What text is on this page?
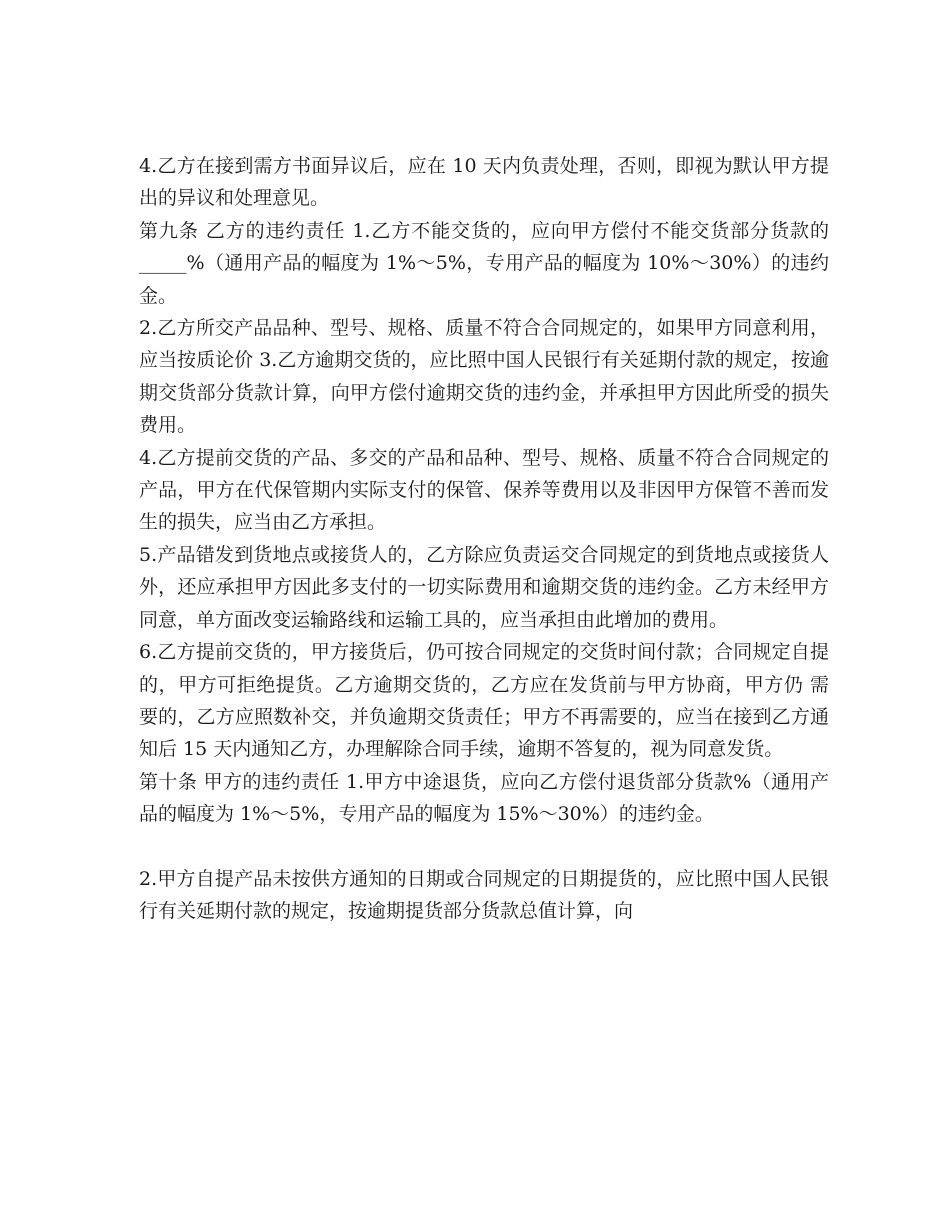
4.乙方在接到需方书面异议后，应在 10 天内负责处理，否则，即视为默认甲方提出的异议和处理意见。

第九条 乙方的违约责任 1.乙方不能交货的，应向甲方偿付不能交货部分货款的 _____%（通用产品的幅度为 1%～5%，专用产品的幅度为 10%～30%）的违约金。

2.乙方所交产品品种、型号、规格、质量不符合合同规定的，如果甲方同意利用，应当按质论价 3.乙方逾期交货的，应比照中国人民银行有关延期付款的规定，按逾期交货部分货款计算，向甲方偿付逾期交货的违约金，并承担甲方因此所受的损失费用。

4.乙方提前交货的产品、多交的产品和品种、型号、规格、质量不符合合同规定的产品，甲方在代保管期内实际支付的保管、保养等费用以及非因甲方保管不善而发生的损失，应当由乙方承担。

5.产品错发到货地点或接货人的，乙方除应负责运交合同规定的到货地点或接货人外，还应承担甲方因此多支付的一切实际费用和逾期交货的违约金。乙方未经甲方同意，单方面改变运输路线和运输工具的，应当承担由此增加的费用。

6.乙方提前交货的，甲方接货后，仍可按合同规定的交货时间付款；合同规定自提的，甲方可拒绝提货。乙方逾期交货的，乙方应在发货前与甲方协商，甲方仍 需要的，乙方应照数补交，并负逾期交货责任；甲方不再需要的，应当在接到乙方通知后 15 天内通知乙方，办理解除合同手续，逾期不答复的，视为同意发货。

第十条 甲方的违约责任 1.甲方中途退货，应向乙方偿付退货部分货款%（通用产品的幅度为 1%～5%，专用产品的幅度为 15%～30%）的违约金。

2.甲方自提产品未按供方通知的日期或合同规定的日期提货的，应比照中国人民银行有关延期付款的规定，按逾期提货部分货款总值计算，向
